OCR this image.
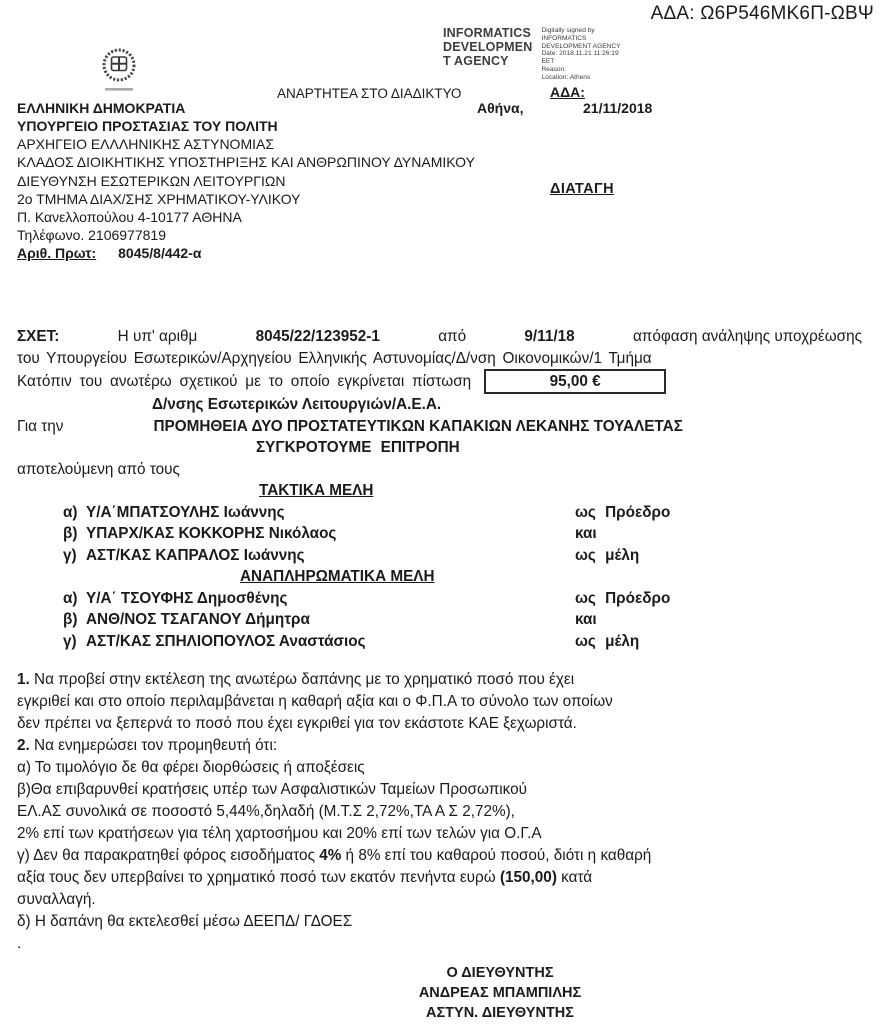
ΑΔΑ: Ω6Ρ546ΜΚ6Π-ΩΒΨ
INFORMATICS
DEVELOPMEN
T AGENCY
Digitally signed by
INFORMATICS
DEVELOPMENT AGENCY
Date: 2018.11.21 11:26:19
EET
Reason:
Location: Athens
ΑΝΑΡΤΗΤΕΑ ΣΤΟ ΔΙΑΔΙΚΤΥΟ	ΑΔΑ:
Αθήνα,	21/11/2018
ΔΙΑΤΑΓΗ
ΕΛΛΗΝΙΚΗ ΔΗΜΟΚΡΑΤΙΑ
ΥΠΟΥΡΓΕΙΟ ΠΡΟΣΤΑΣΙΑΣ ΤΟΥ ΠΟΛΙΤΗ
ΑΡΧΗΓΕΙΟ ΕΛΛΛΗΝΙΚΗΣ ΑΣΤΥΝΟΜΙΑΣ
ΚΛΑΔΟΣ ΔΙΟΙΚΗΤΙΚΗΣ ΥΠΟΣΤΗΡΙΞΗΣ ΚΑΙ ΑΝΘΡΩΠΙΝΟΥ ΔΥΝΑΜΙΚΟΥ
ΔΙΕΥΘΥΝΣΗ ΕΣΩΤΕΡΙΚΩΝ ΛΕΙΤΟΥΡΓΙΩΝ
2ο ΤΜΗΜΑ ΔΙΑΧ/ΣΗΣ ΧΡΗΜΑΤΙΚΟΥ-ΥΛΙΚΟΥ
Π. Κανελλοπούλου 4-10177 ΑΘΗΝΑ
Τηλέφωνο. 2106977819
Αριθ. Πρωτ: 8045/8/442-α
ΣΧΕΤ:	Η υπ' αριθμ	8045/22/123952-1	από	9/11/18	απόφαση ανάληψης υποχρέωσης
του Υπουργείου Εσωτερικών/Αρχηγείου Ελληνικής Αστυνομίας/Δ/νση Οικονομικών/1 Τμήμα
Κατόπιν του ανωτέρω σχετικού με το οποίο εγκρίνεται πίστωση	95,00 €
Δ/νσης Εσωτερικών Λειτουργιών/Α.Ε.Α.
Για την	ΠΡΟΜΗΘΕΙΑ ΔΥΟ ΠΡΟΣΤΑΤΕΥΤΙΚΩΝ ΚΑΠΑΚΙΩΝ ΛΕΚΑΝΗΣ ΤΟΥΑΛΕΤΑΣ
ΣΥΓΚΡΟΤΟΥΜΕ ΕΠΙΤΡΟΠΗ
αποτελούμενη από τους
ΤΑΚΤΙΚΑ ΜΕΛΗ
α) Υ/Α΄ΜΠΑΤΣΟΥΛΗΣ Ιωάννης	ως Πρόεδρο
β) ΥΠΑΡΧ/ΚΑΣ ΚΟΚΚΟΡΗΣ Νικόλαος	και
γ) ΑΣΤ/ΚΑΣ ΚΑΠΡΑΛΟΣ Ιωάννης	ως μέλη
ΑΝΑΠΛΗΡΩΜΑΤΙΚΑ ΜΕΛΗ
α) Υ/Α΄ ΤΣΟΥΦΗΣ Δημοσθένης	ως Πρόεδρο
β) ΑΝΘ/ΝΟΣ ΤΣΑΓΑΝΟΥ Δήμητρα	και
γ) ΑΣΤ/ΚΑΣ ΣΠΗΛΙΟΠΟΥΛΟΣ Αναστάσιος	ως μέλη
1. Να προβεί στην εκτέλεση της ανωτέρω δαπάνης με το χρηματικό ποσό που έχει
εγκριθεί και στο οποίο περιλαμβάνεται η καθαρή αξία και ο Φ.Π.Α το σύνολο των οποίων
δεν πρέπει να ξεπερνά το ποσό που έχει εγκριθεί για τον εκάστοτε ΚΑΕ ξεχωριστά.
2. Να ενημερώσει τον προμηθευτή ότι:
α) Το τιμολόγιο δε θα φέρει διορθώσεις ή αποξέσεις
β)Θα επιβαρυνθεί κρατήσεις υπέρ των Ασφαλιστικών Ταμείων Προσωπικού
ΕΛ.ΑΣ συνολικά σε ποσοστό 5,44%,δηλαδή (Μ.Τ.Σ 2,72%,ΤΑ Α Σ 2,72%),
2% επί των κρατήσεων για τέλη χαρτοσήμου και 20% επί των τελών για Ο.Γ.Α
γ) Δεν θα παρακρατηθεί φόρος εισοδήματος 4% ή 8% επί του καθαρού ποσού, διότι η καθαρή
αξία τους δεν υπερβαίνει το χρηματικό ποσό των εκατόν πενήντα ευρώ (150,00) κατά
συναλλαγή.
δ) Η δαπάνη θα εκτελεσθεί μέσω ΔΕΕΠΔ/ ΓΔΟΕΣ
.
Ο ΔΙΕΥΘΥΝΤΗΣ
ΑΝΔΡΕΑΣ ΜΠΑΜΠΙΛΗΣ
ΑΣΤΥΝ. ΔΙΕΥΘΥΝΤΗΣ
